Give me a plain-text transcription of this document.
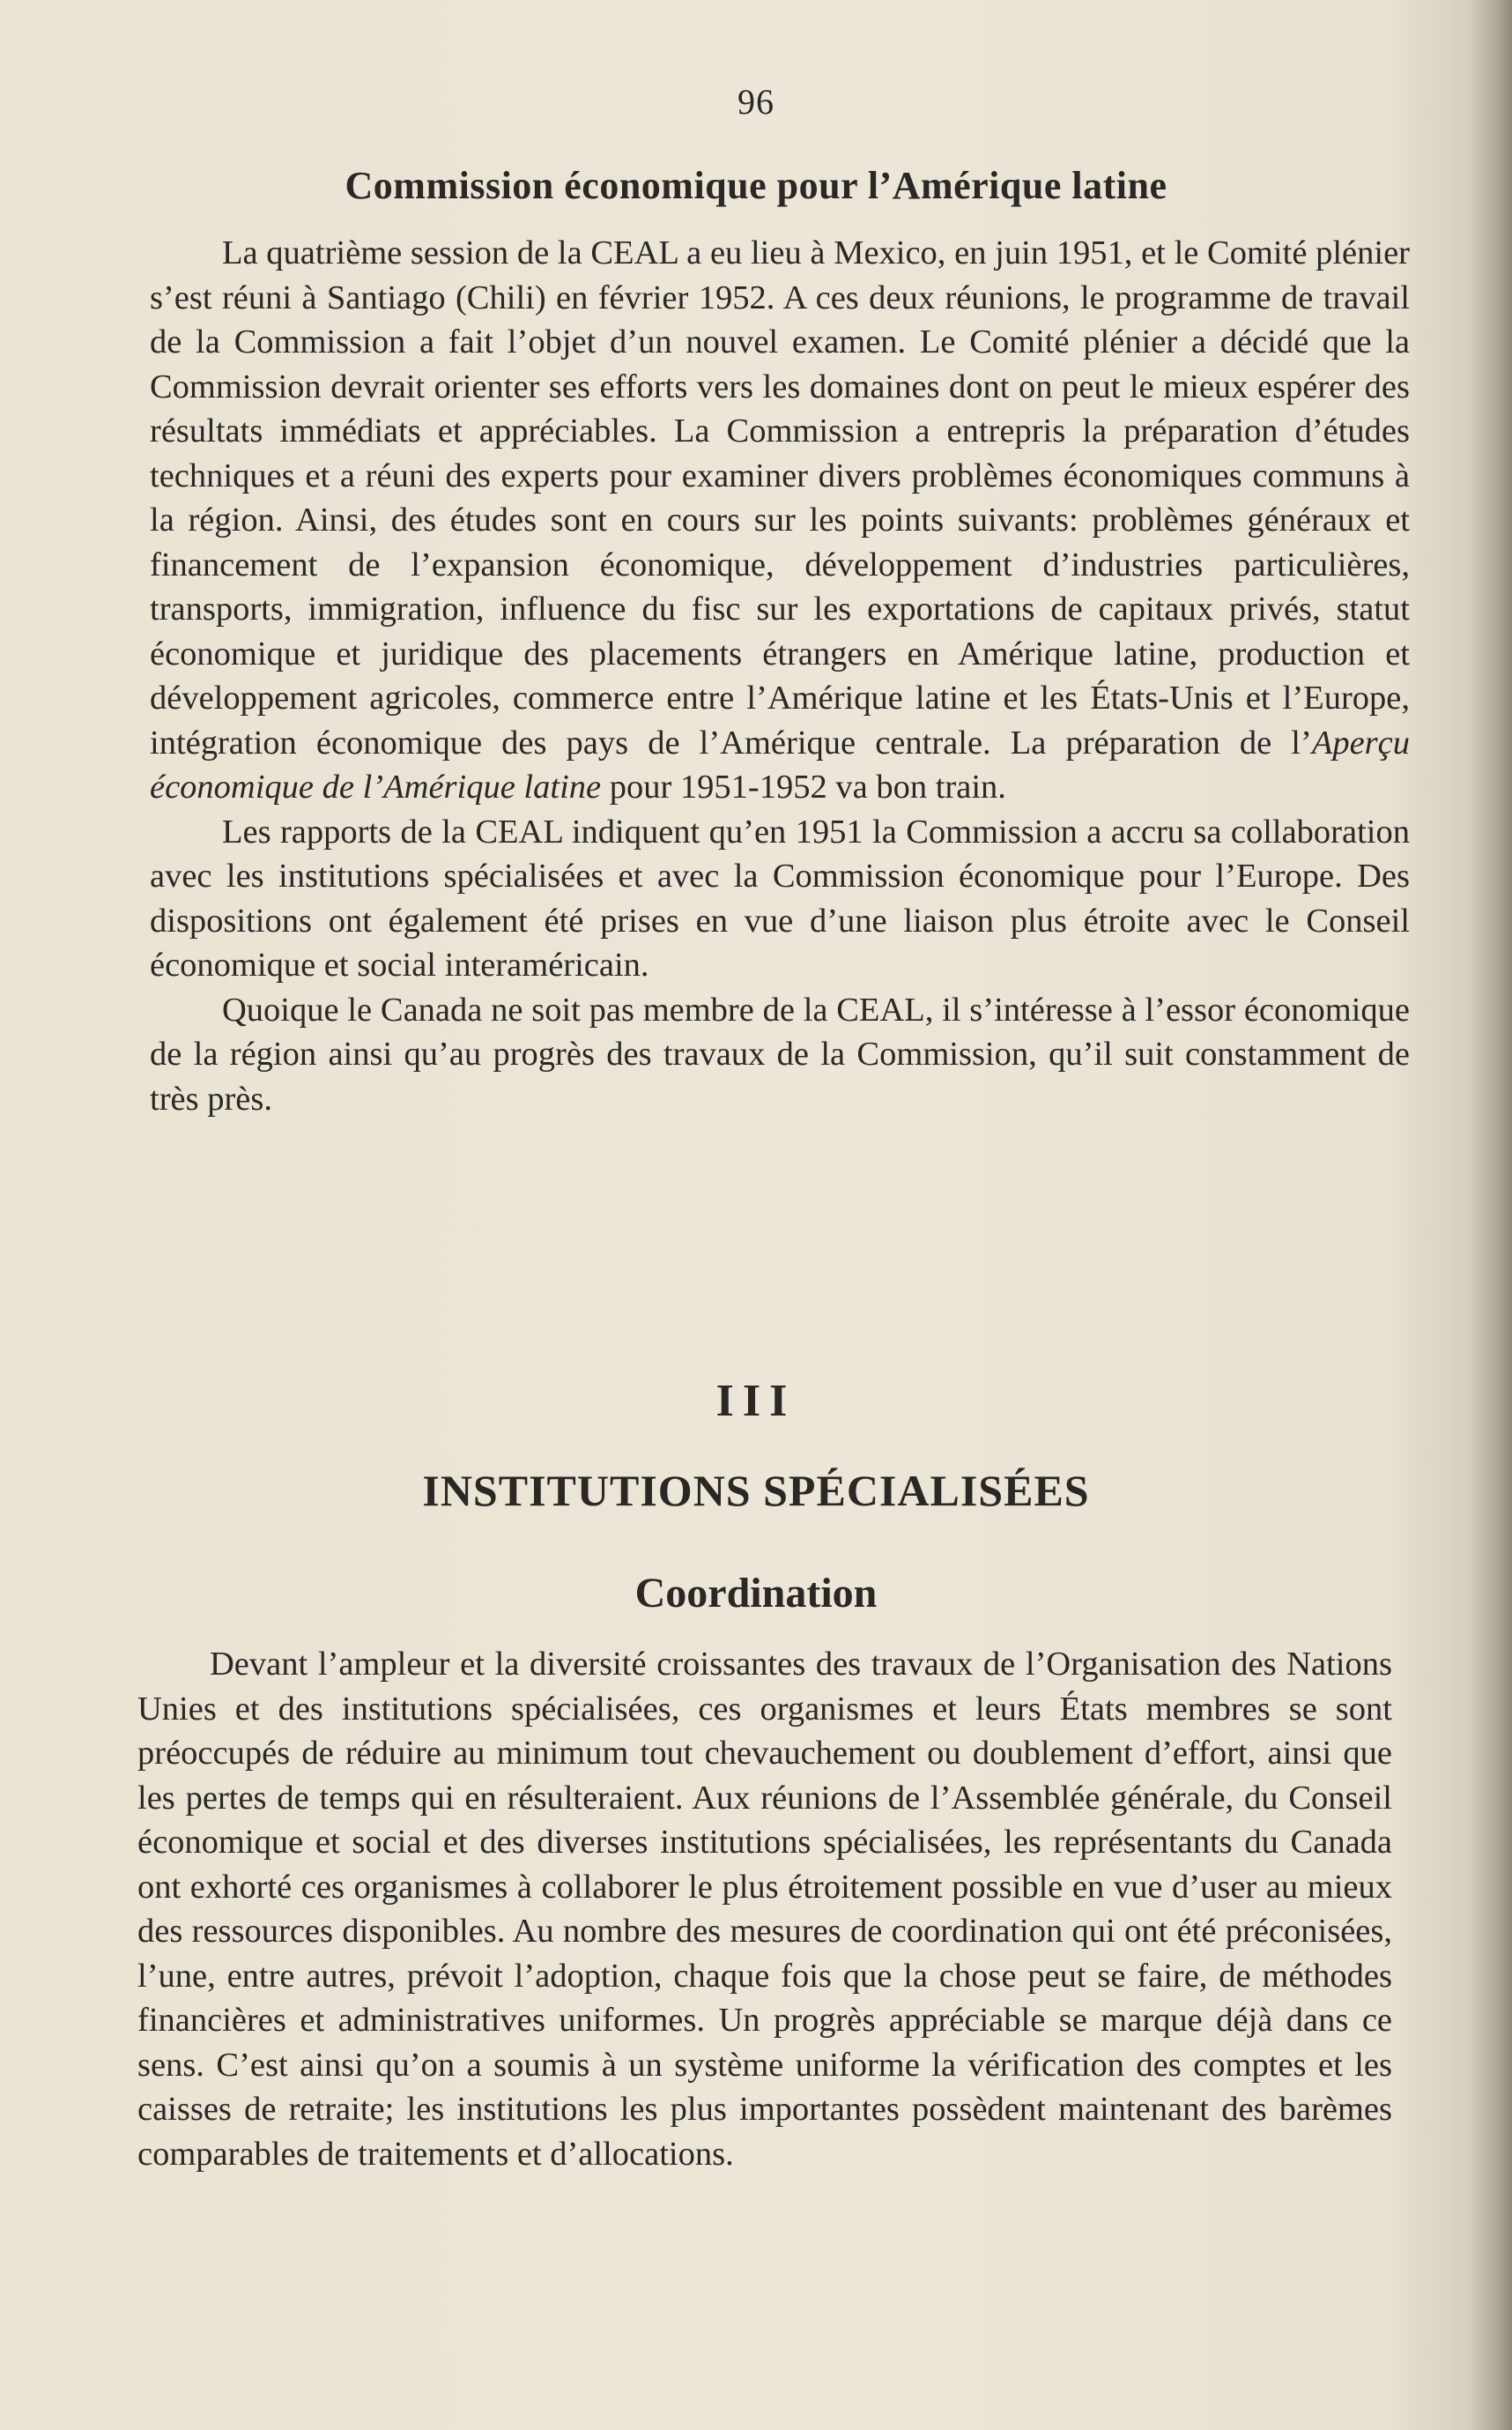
96
Commission économique pour l’Amérique latine

La quatrième session de la CEAL a eu lieu à Mexico, en juin 1951, et le Comité plénier s’est réuni à Santiago (Chili) en février 1952. A ces deux réunions, le programme de travail de la Commission a fait l’objet d’un nouvel examen. Le Comité plénier a décidé que la Commission devrait orienter ses efforts vers les domaines dont on peut le mieux espérer des résultats immédiats et appréciables. La Commission a entrepris la préparation d’études techniques et a réuni des experts pour examiner divers problèmes économiques communs à la région. Ainsi, des études sont en cours sur les points suivants: problèmes généraux et financement de l’expansion économique, développement d’industries particulières, transports, immigration, influence du fisc sur les exportations de capitaux privés, statut économique et juridique des placements étrangers en Amérique latine, production et développement agricoles, commerce entre l’Amérique latine et les États-Unis et l’Europe, intégration économique des pays de l’Amérique centrale. La préparation de l’Aperçu économique de l’Amérique latine pour 1951-1952 va bon train.

Les rapports de la CEAL indiquent qu’en 1951 la Commission a accru sa collaboration avec les institutions spécialisées et avec la Commission économique pour l’Europe. Des dispositions ont également été prises en vue d’une liaison plus étroite avec le Conseil économique et social interaméricain.

Quoique le Canada ne soit pas membre de la CEAL, il s’intéresse à l’essor économique de la région ainsi qu’au progrès des travaux de la Commission, qu’il suit constamment de très près.

III
INSTITUTIONS SPÉCIALISÉES
Coordination

Devant l’ampleur et la diversité croissantes des travaux de l’Organisation des Nations Unies et des institutions spécialisées, ces organismes et leurs États membres se sont préoccupés de réduire au minimum tout chevauchement ou doublement d’effort, ainsi que les pertes de temps qui en résulteraient. Aux réunions de l’Assemblée générale, du Conseil économique et social et des diverses institutions spécialisées, les représentants du Canada ont exhorté ces organismes à collaborer le plus étroitement possible en vue d’user au mieux des ressources disponibles. Au nombre des mesures de coordination qui ont été préconisées, l’une, entre autres, prévoit l’adoption, chaque fois que la chose peut se faire, de méthodes financières et administratives uniformes. Un progrès appréciable se marque déjà dans ce sens. C’est ainsi qu’on a soumis à un système uniforme la vérification des comptes et les caisses de retraite; les institutions les plus importantes possèdent maintenant des barèmes comparables de traitements et d’allocations.
